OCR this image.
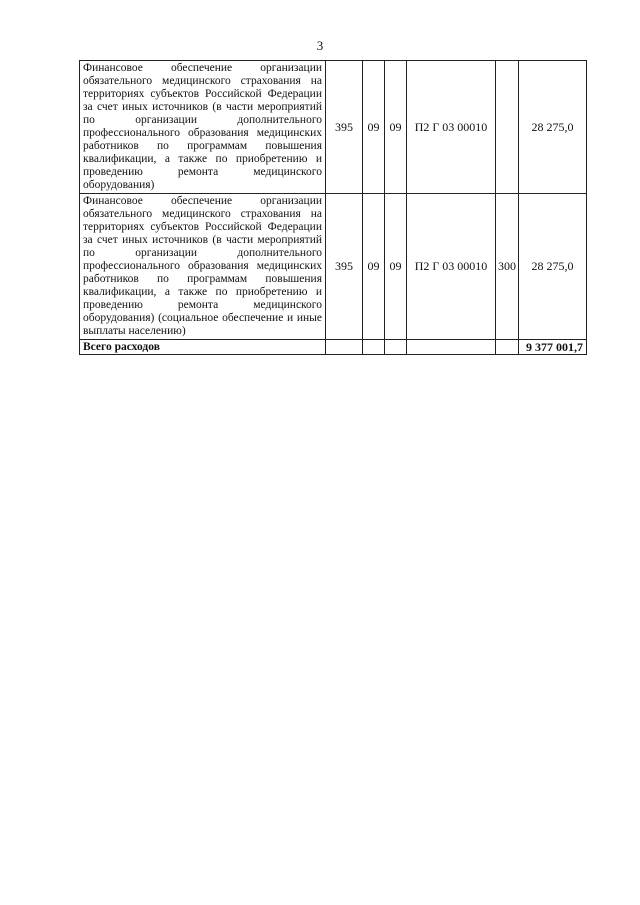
3
Финансовое обеспечение организации обязательного медицинского страхования на территориях субъектов Российской Федерации за счет иных источников (в части мероприятий по организации дополнительного профессионального образования медицинских работников по программам повышения квалификации, а также по приобретению и проведению ремонта медицинского оборудования)	395	09	09	П2 Г 03 00010		28 275,0
Финансовое обеспечение организации обязательного медицинского страхования на территориях субъектов Российской Федерации за счет иных источников (в части мероприятий по организации дополнительного профессионального образования медицинских работников по программам повышения квалификации, а также по приобретению и проведению ремонта медицинского оборудования) (социальное обеспечение и иные выплаты населению)	395	09	09	П2 Г 03 00010	300	28 275,0
Всего расходов						9 377 001,7
